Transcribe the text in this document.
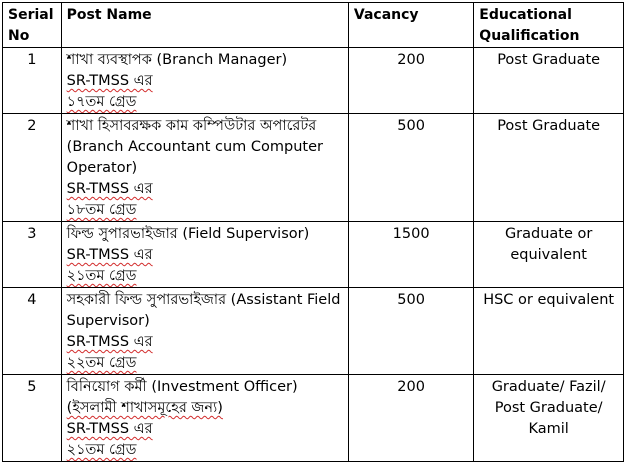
Serial No	Post Name	Vacancy	Educational Qualification
1	শাখা ব্যবস্থাপক (Branch Manager)
SR-TMSS এর
১৭তম গ্রেড	200	Post Graduate
2	শাখা হিসাবরক্ষক কাম কম্পিউটার অপারেটর (Branch Accountant cum Computer Operator)
SR-TMSS এর
১৮তম গ্রেড	500	Post Graduate
3	ফিল্ড সুপারভাইজার (Field Supervisor)
SR-TMSS এর
২১তম গ্রেড	1500	Graduate or equivalent
4	সহকারী ফিল্ড সুপারভাইজার (Assistant Field Supervisor)
SR-TMSS এর
২২তম গ্রেড	500	HSC or equivalent
5	বিনিয়োগ কর্মী (Investment Officer)
(ইসলামী শাখাসমূহের জন্য)
SR-TMSS এর
২১তম গ্রেড	200	Graduate/ Fazil/ Post Graduate/ Kamil
